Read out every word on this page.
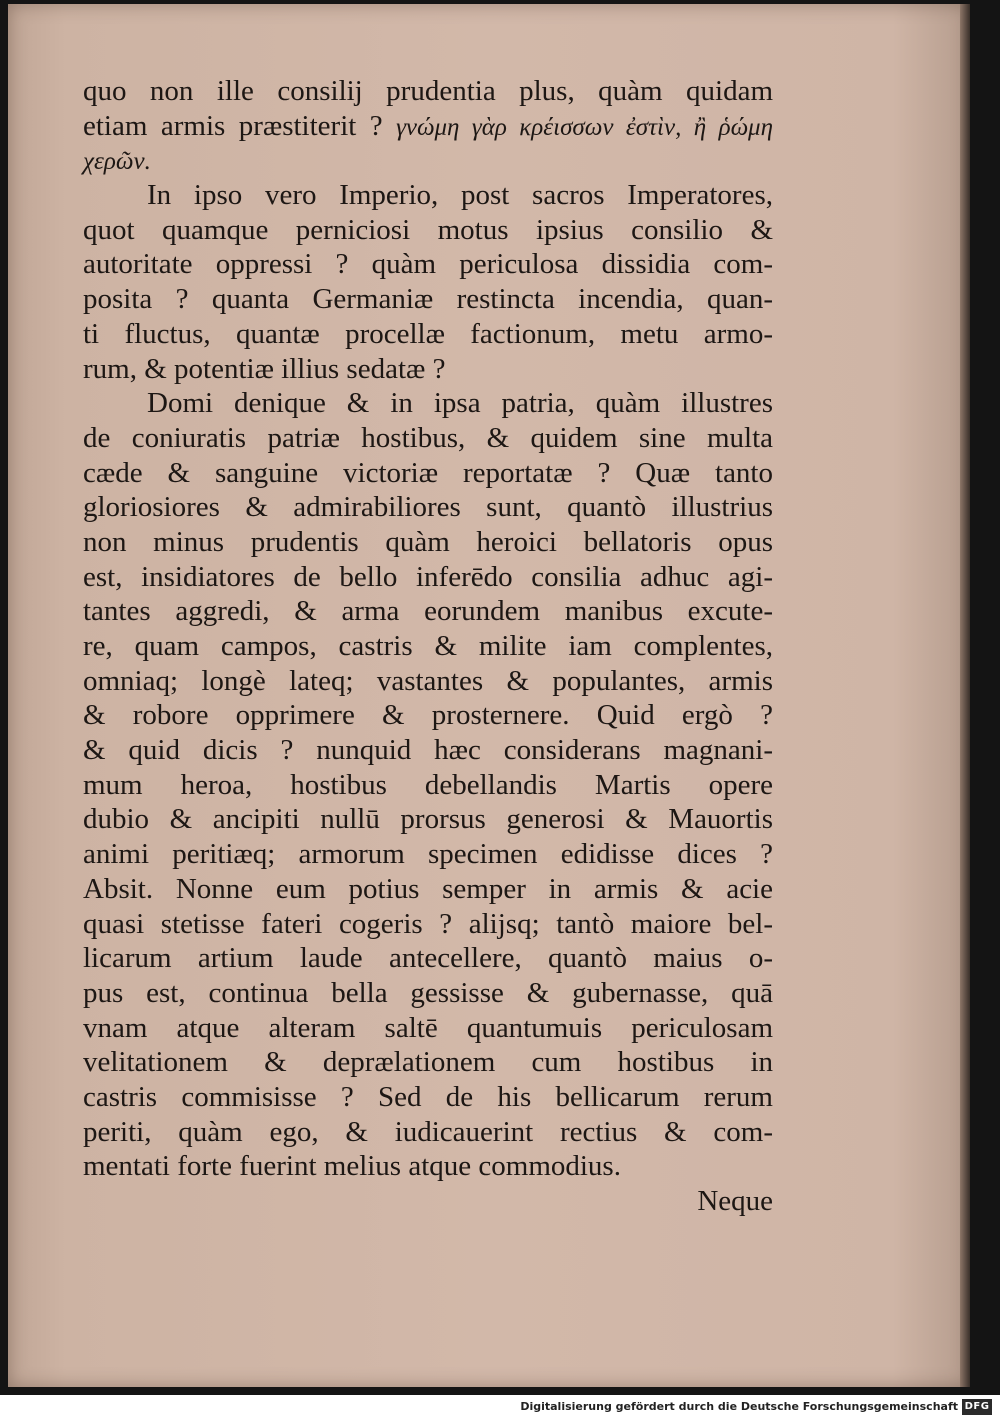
quo non ille consilij prudentia plus, quàm quidam
etiam armis præstiterit ? γνώμη γὰρ κρέισσων ἐστὶν, ἢ ῥώμη
χερῶν.
In ipso vero Imperio, post sacros Imperatores,
quot quamque perniciosi motus ipsius consilio &
autoritate oppressi ? quàm periculosa dissidia com-
posita ? quanta Germaniæ restincta incendia, quan-
ti fluctus, quantæ procellæ factionum, metu armo-
rum, & potentiæ illius sedatæ ?
Domi denique & in ipsa patria, quàm illustres
de coniuratis patriæ hostibus, & quidem sine multa
cæde & sanguine victoriæ reportatæ ? Quæ tanto
gloriosiores & admirabiliores sunt, quantò illustrius
non minus prudentis quàm heroici bellatoris opus
est, insidiatores de bello inferēdo consilia adhuc agi-
tantes aggredi, & arma eorundem manibus excute-
re, quam campos, castris & milite iam complentes,
omniaq; longè lateq; vastantes & populantes, armis
& robore opprimere & prosternere. Quid ergò ?
& quid dicis ? nunquid hæc considerans magnani-
mum heroa, hostibus debellandis Martis opere
dubio & ancipiti nullū prorsus generosi & Mauortis
animi peritiæq; armorum specimen edidisse dices ?
Absit. Nonne eum potius semper in armis & acie
quasi stetisse fateri cogeris ? alijsq; tantò maiore bel-
licarum artium laude antecellere, quantò maius o-
pus est, continua bella gessisse & gubernasse, quā
vnam atque alteram saltē quantumuis periculosam
velitationem & deprælationem cum hostibus in
castris commisisse ? Sed de his bellicarum rerum
periti, quàm ego, & iudicauerint rectius & com-
mentati forte fuerint melius atque commodius.
Neque
Digitalisierung gefördert durch die Deutsche Forschungsgemeinschaft DFG
